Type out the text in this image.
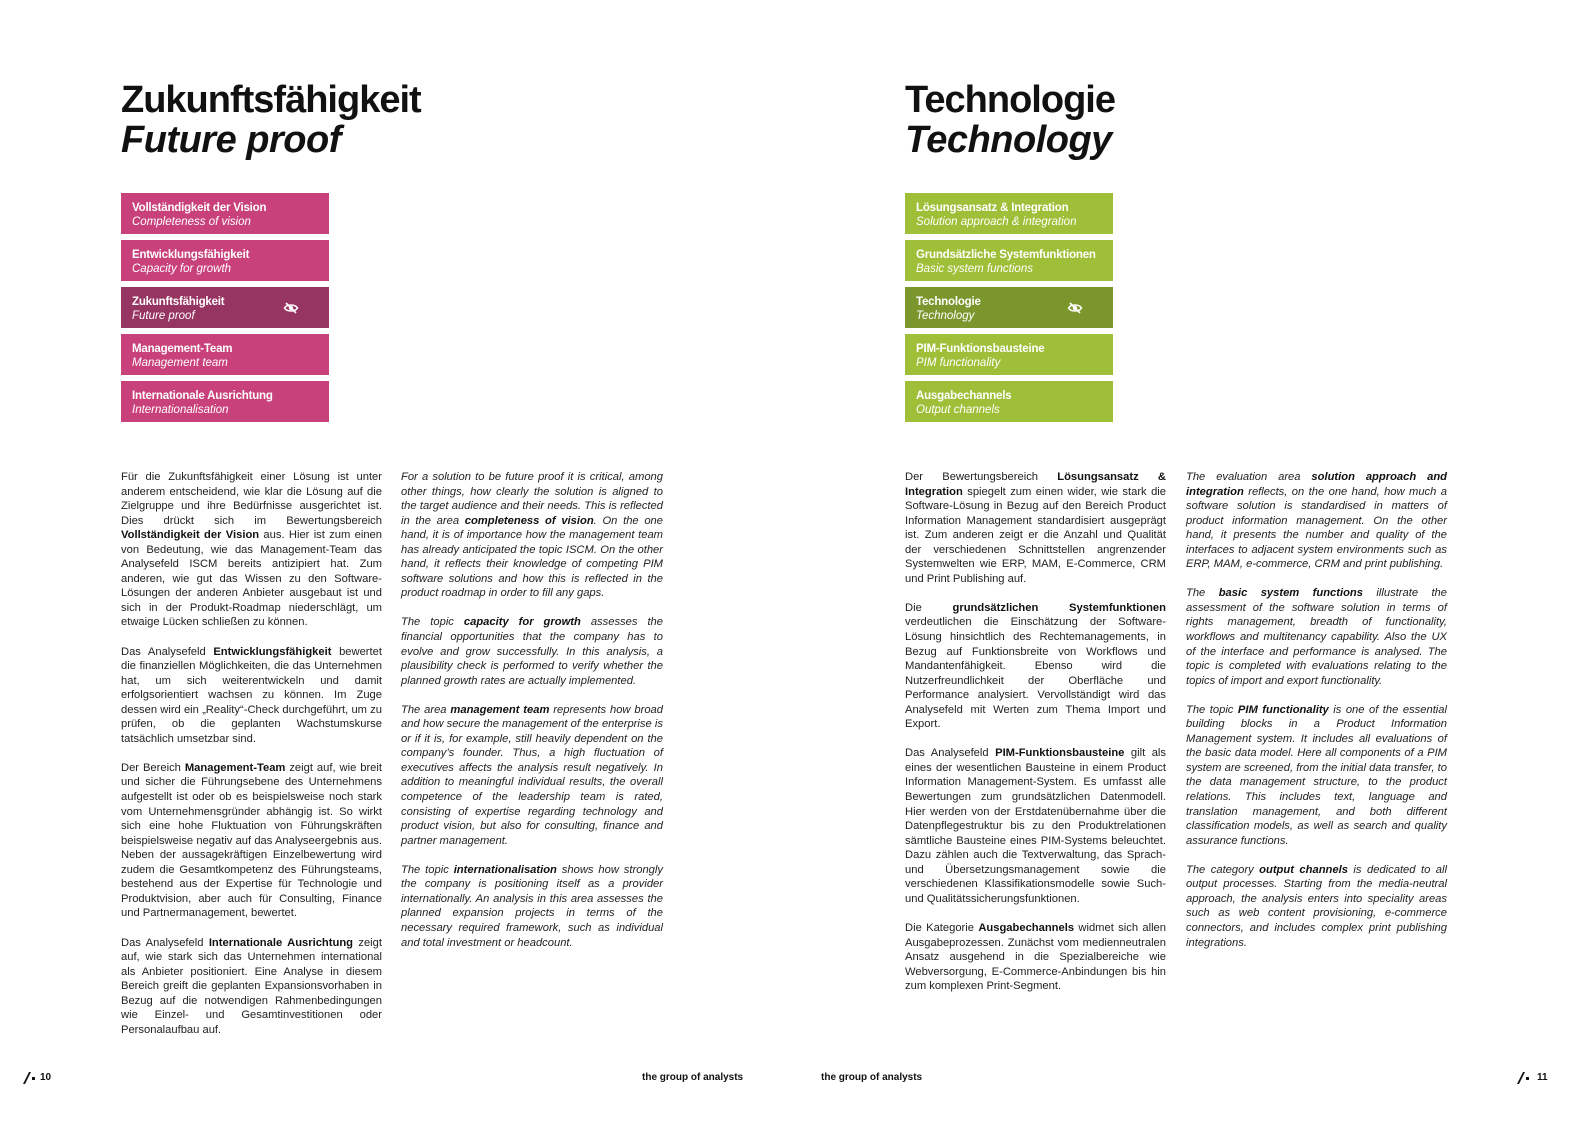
Zukunftsfähigkeit
Future proof
Vollständigkeit der Vision
Completeness of vision
Entwicklungsfähigkeit
Capacity for growth
Zukunftsfähigkeit
Future proof
Management-Team
Management team
Internationale Ausrichtung
Internationalisation

Für die Zukunftsfähigkeit einer Lösung ist unter anderem entscheidend, wie klar die Lösung auf die Zielgruppe und ihre Bedürfnisse ausgerichtet ist. Dies drückt sich im Bewertungsbereich Vollständigkeit der Vision aus. Hier ist zum einen von Bedeutung, wie das Management-Team das Analysefeld ISCM bereits antizipiert hat. Zum anderen, wie gut das Wissen zu den Software-Lösungen der anderen Anbieter ausgebaut ist und sich in der Produkt-Roadmap niederschlägt, um etwaige Lücken schließen zu können.

Das Analysefeld Entwicklungsfähigkeit bewertet die finanziellen Möglichkeiten, die das Unternehmen hat, um sich weiterentwickeln und damit erfolgsorientiert wachsen zu können. Im Zuge dessen wird ein „Reality“-Check durchgeführt, um zu prüfen, ob die geplanten Wachstumskurse tatsächlich umsetzbar sind.

Der Bereich Management-Team zeigt auf, wie breit und sicher die Führungsebene des Unternehmens aufgestellt ist oder ob es beispielsweise noch stark vom Unternehmensgründer abhängig ist. So wirkt sich eine hohe Fluktuation von Führungskräften beispielsweise negativ auf das Analyseergebnis aus. Neben der aussagekräftigen Einzelbewertung wird zudem die Gesamtkompetenz des Führungsteams, bestehend aus der Expertise für Technologie und Produktvision, aber auch für Consulting, Finance und Partnermanagement, bewertet.

Das Analysefeld Internationale Ausrichtung zeigt auf, wie stark sich das Unternehmen international als Anbieter positioniert. Eine Analyse in diesem Bereich greift die geplanten Expansionsvorhaben in Bezug auf die notwendigen Rahmenbedingungen wie Einzel- und Gesamtinvestitionen oder Personalaufbau auf.

For a solution to be future proof it is critical, among other things, how clearly the solution is aligned to the target audience and their needs. This is reflected in the area completeness of vision. On the one hand, it is of importance how the management team has already anticipated the topic ISCM. On the other hand, it reflects their knowledge of competing PIM software solutions and how this is reflected in the product roadmap in order to fill any gaps.

The topic capacity for growth assesses the financial opportunities that the company has to evolve and grow successfully. In this analysis, a plausibility check is performed to verify whether the planned growth rates are actually implemented.

The area management team represents how broad and how secure the management of the enterprise is or if it is, for example, still heavily dependent on the company’s founder. Thus, a high fluctuation of executives affects the analysis result negatively. In addition to meaningful individual results, the overall competence of the leadership team is rated, consisting of expertise regarding technology and product vision, but also for consulting, finance and partner management.

The topic internationalisation shows how strongly the company is positioning itself as a provider internationally. An analysis in this area assesses the planned expansion projects in terms of the necessary required framework, such as individual and total investment or headcount.

10	the group of analysts
Technologie
Technology
Lösungsansatz & Integration
Solution approach & integration
Grundsätzliche Systemfunktionen
Basic system functions
Technologie
Technology
PIM-Funktionsbausteine
PIM functionality
Ausgabechannels
Output channels

Der Bewertungsbereich Lösungsansatz & Integration spiegelt zum einen wider, wie stark die Software-Lösung in Bezug auf den Bereich Product Information Management standardisiert ausgeprägt ist. Zum anderen zeigt er die Anzahl und Qualität der verschiedenen Schnittstellen angrenzender Systemwelten wie ERP, MAM, E-Commerce, CRM und Print Publishing auf.

Die grundsätzlichen Systemfunktionen verdeutlichen die Einschätzung der Software-Lösung hinsichtlich des Rechtemanagements, in Bezug auf Funktionsbreite von Workflows und Mandantenfähigkeit. Ebenso wird die Nutzerfreundlichkeit der Oberfläche und Performance analysiert. Vervollständigt wird das Analysefeld mit Werten zum Thema Import und Export.

Das Analysefeld PIM-Funktionsbausteine gilt als eines der wesentlichen Bausteine in einem Product Information Management-System. Es umfasst alle Bewertungen zum grundsätzlichen Datenmodell. Hier werden von der Erstdatenübernahme über die Datenpflegestruktur bis zu den Produktrelationen sämtliche Bausteine eines PIM-Systems beleuchtet. Dazu zählen auch die Textverwaltung, das Sprach- und Übersetzungsmanagement sowie die verschiedenen Klassifikationsmodelle sowie Such- und Qualitätssicherungsfunktionen.

Die Kategorie Ausgabechannels widmet sich allen Ausgabeprozessen. Zunächst vom medienneutralen Ansatz ausgehend in die Spezialbereiche wie Webversorgung, E-Commerce-Anbindungen bis hin zum komplexen Print-Segment.

The evaluation area solution approach and integration reflects, on the one hand, how much a software solution is standardised in matters of product information management. On the other hand, it presents the number and quality of the interfaces to adjacent system environments such as ERP, MAM, e-commerce, CRM and print publishing.

The basic system functions illustrate the assessment of the software solution in terms of rights management, breadth of functionality, workflows and multitenancy capability. Also the UX of the interface and performance is analysed. The topic is completed with evaluations relating to the topics of import and export functionality.

The topic PIM functionality is one of the essential building blocks in a Product Information Management system. It includes all evaluations of the basic data model. Here all components of a PIM system are screened, from the initial data transfer, to the data management structure, to the product relations. This includes text, language and translation management, and both different classification models, as well as search and quality assurance functions.

The category output channels is dedicated to all output processes. Starting from the media-neutral approach, the analysis enters into speciality areas such as web content provisioning, e-commerce connectors, and includes complex print publishing integrations.

the group of analysts	11
